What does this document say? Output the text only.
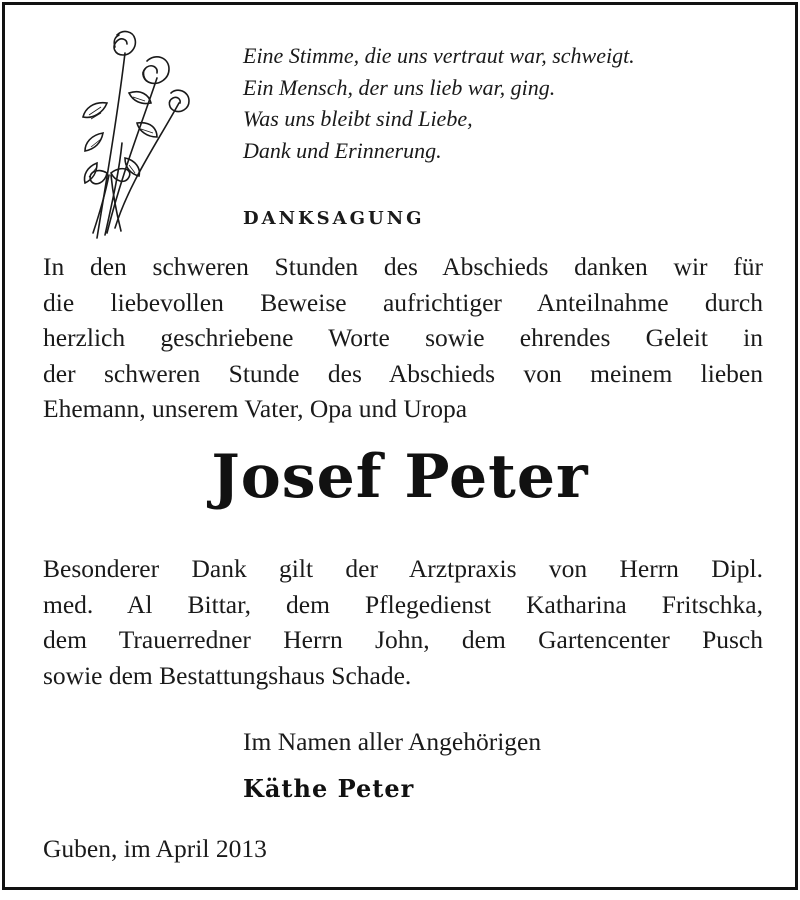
Eine Stimme, die uns vertraut war, schweigt.
Ein Mensch, der uns lieb war, ging.
Was uns bleibt sind Liebe,
Dank und Erinnerung.
DANKSAGUNG
In den schweren Stunden des Abschieds danken wir für
die liebevollen Beweise aufrichtiger Anteilnahme durch
herzlich geschriebene Worte sowie ehrendes Geleit in
der schweren Stunde des Abschieds von meinem lieben
Ehemann, unserem Vater, Opa und Uropa
Josef Peter
Besonderer Dank gilt der Arztpraxis von Herrn Dipl.
med. Al Bittar, dem Pflegedienst Katharina Fritschka,
dem Trauerredner Herrn John, dem Gartencenter Pusch
sowie dem Bestattungshaus Schade.
Im Namen aller Angehörigen
Käthe Peter
Guben, im April 2013
